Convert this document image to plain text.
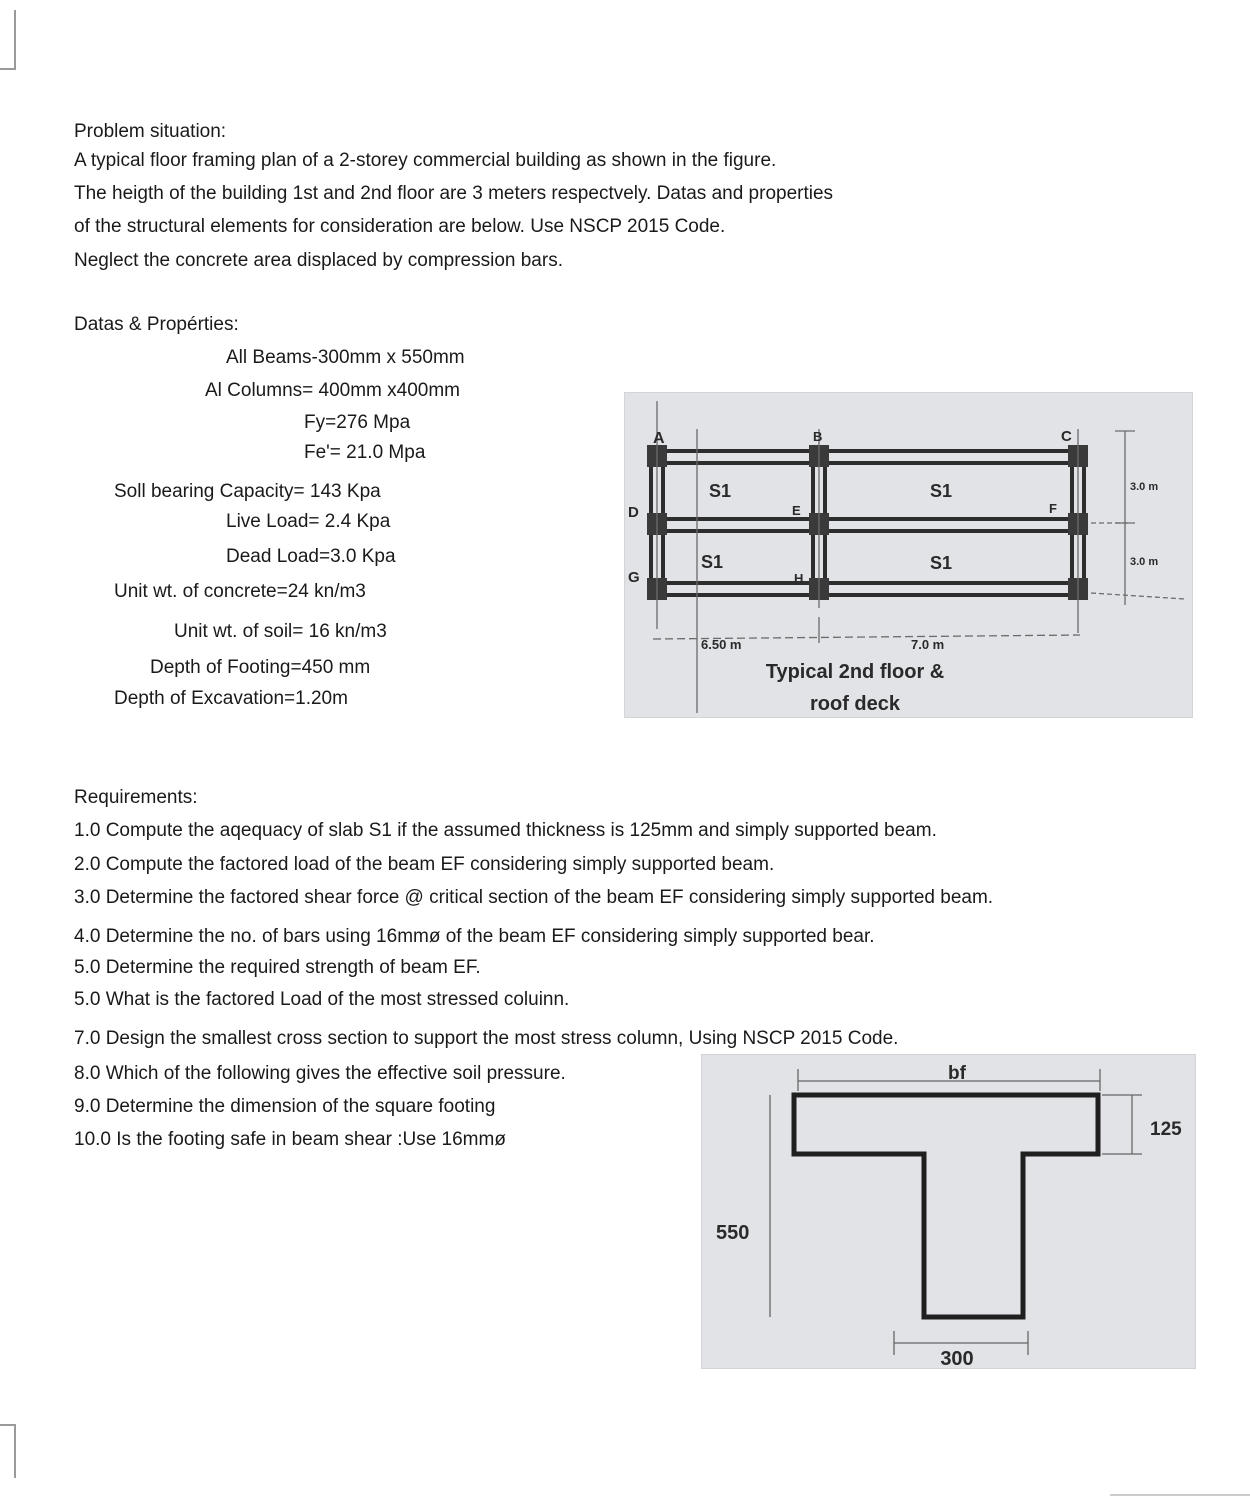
Problem situation:
A typical floor framing plan of a 2-storey commercial building as shown in the figure.
The heigth of the building 1st and 2nd floor are 3 meters respectvely. Datas and properties
of the structural elements for consideration are below. Use NSCP 2015 Code.
Neglect the concrete area displaced by compression bars.
Datas & Propérties:
All Beams-300mm x 550mm
Al Columns= 400mm x400mm
Fy=276 Mpa
Fe'= 21.0 Mpa
Soll bearing Capacity= 143 Kpa
Live Load= 2.4 Kpa
Dead Load=3.0 Kpa
Unit wt. of concrete=24 kn/m3
Unit wt. of soil= 16 kn/m3
Depth of Footing=450 mm
Depth of Excavation=1.20m
A	B	C
D	E	F
G	H
S1	S1
S1	S1
3.0 m
3.0 m
6.50 m	7.0 m
Typical 2nd floor &
roof deck
Requirements:
1.0 Compute the aqequacy of slab S1 if the assumed thickness is 125mm and simply supported beam.
2.0 Compute the factored load of the beam EF considering simply supported beam.
3.0 Determine the factored shear force @ critical section of the beam EF considering simply supported beam.
4.0 Determine the no. of bars using 16mmø of the beam EF considering simply supported bear.
5.0 Determine the required strength of beam EF.
5.0 What is the factored Load of the most stressed coluinn.
7.0 Design the smallest cross section to support the most stress column, Using NSCP 2015 Code.
8.0 Which of the following gives the effective soil pressure.
9.0 Determine the dimension of the square footing
10.0 Is the footing safe in beam shear :Use 16mmø
bf
125
550
300
